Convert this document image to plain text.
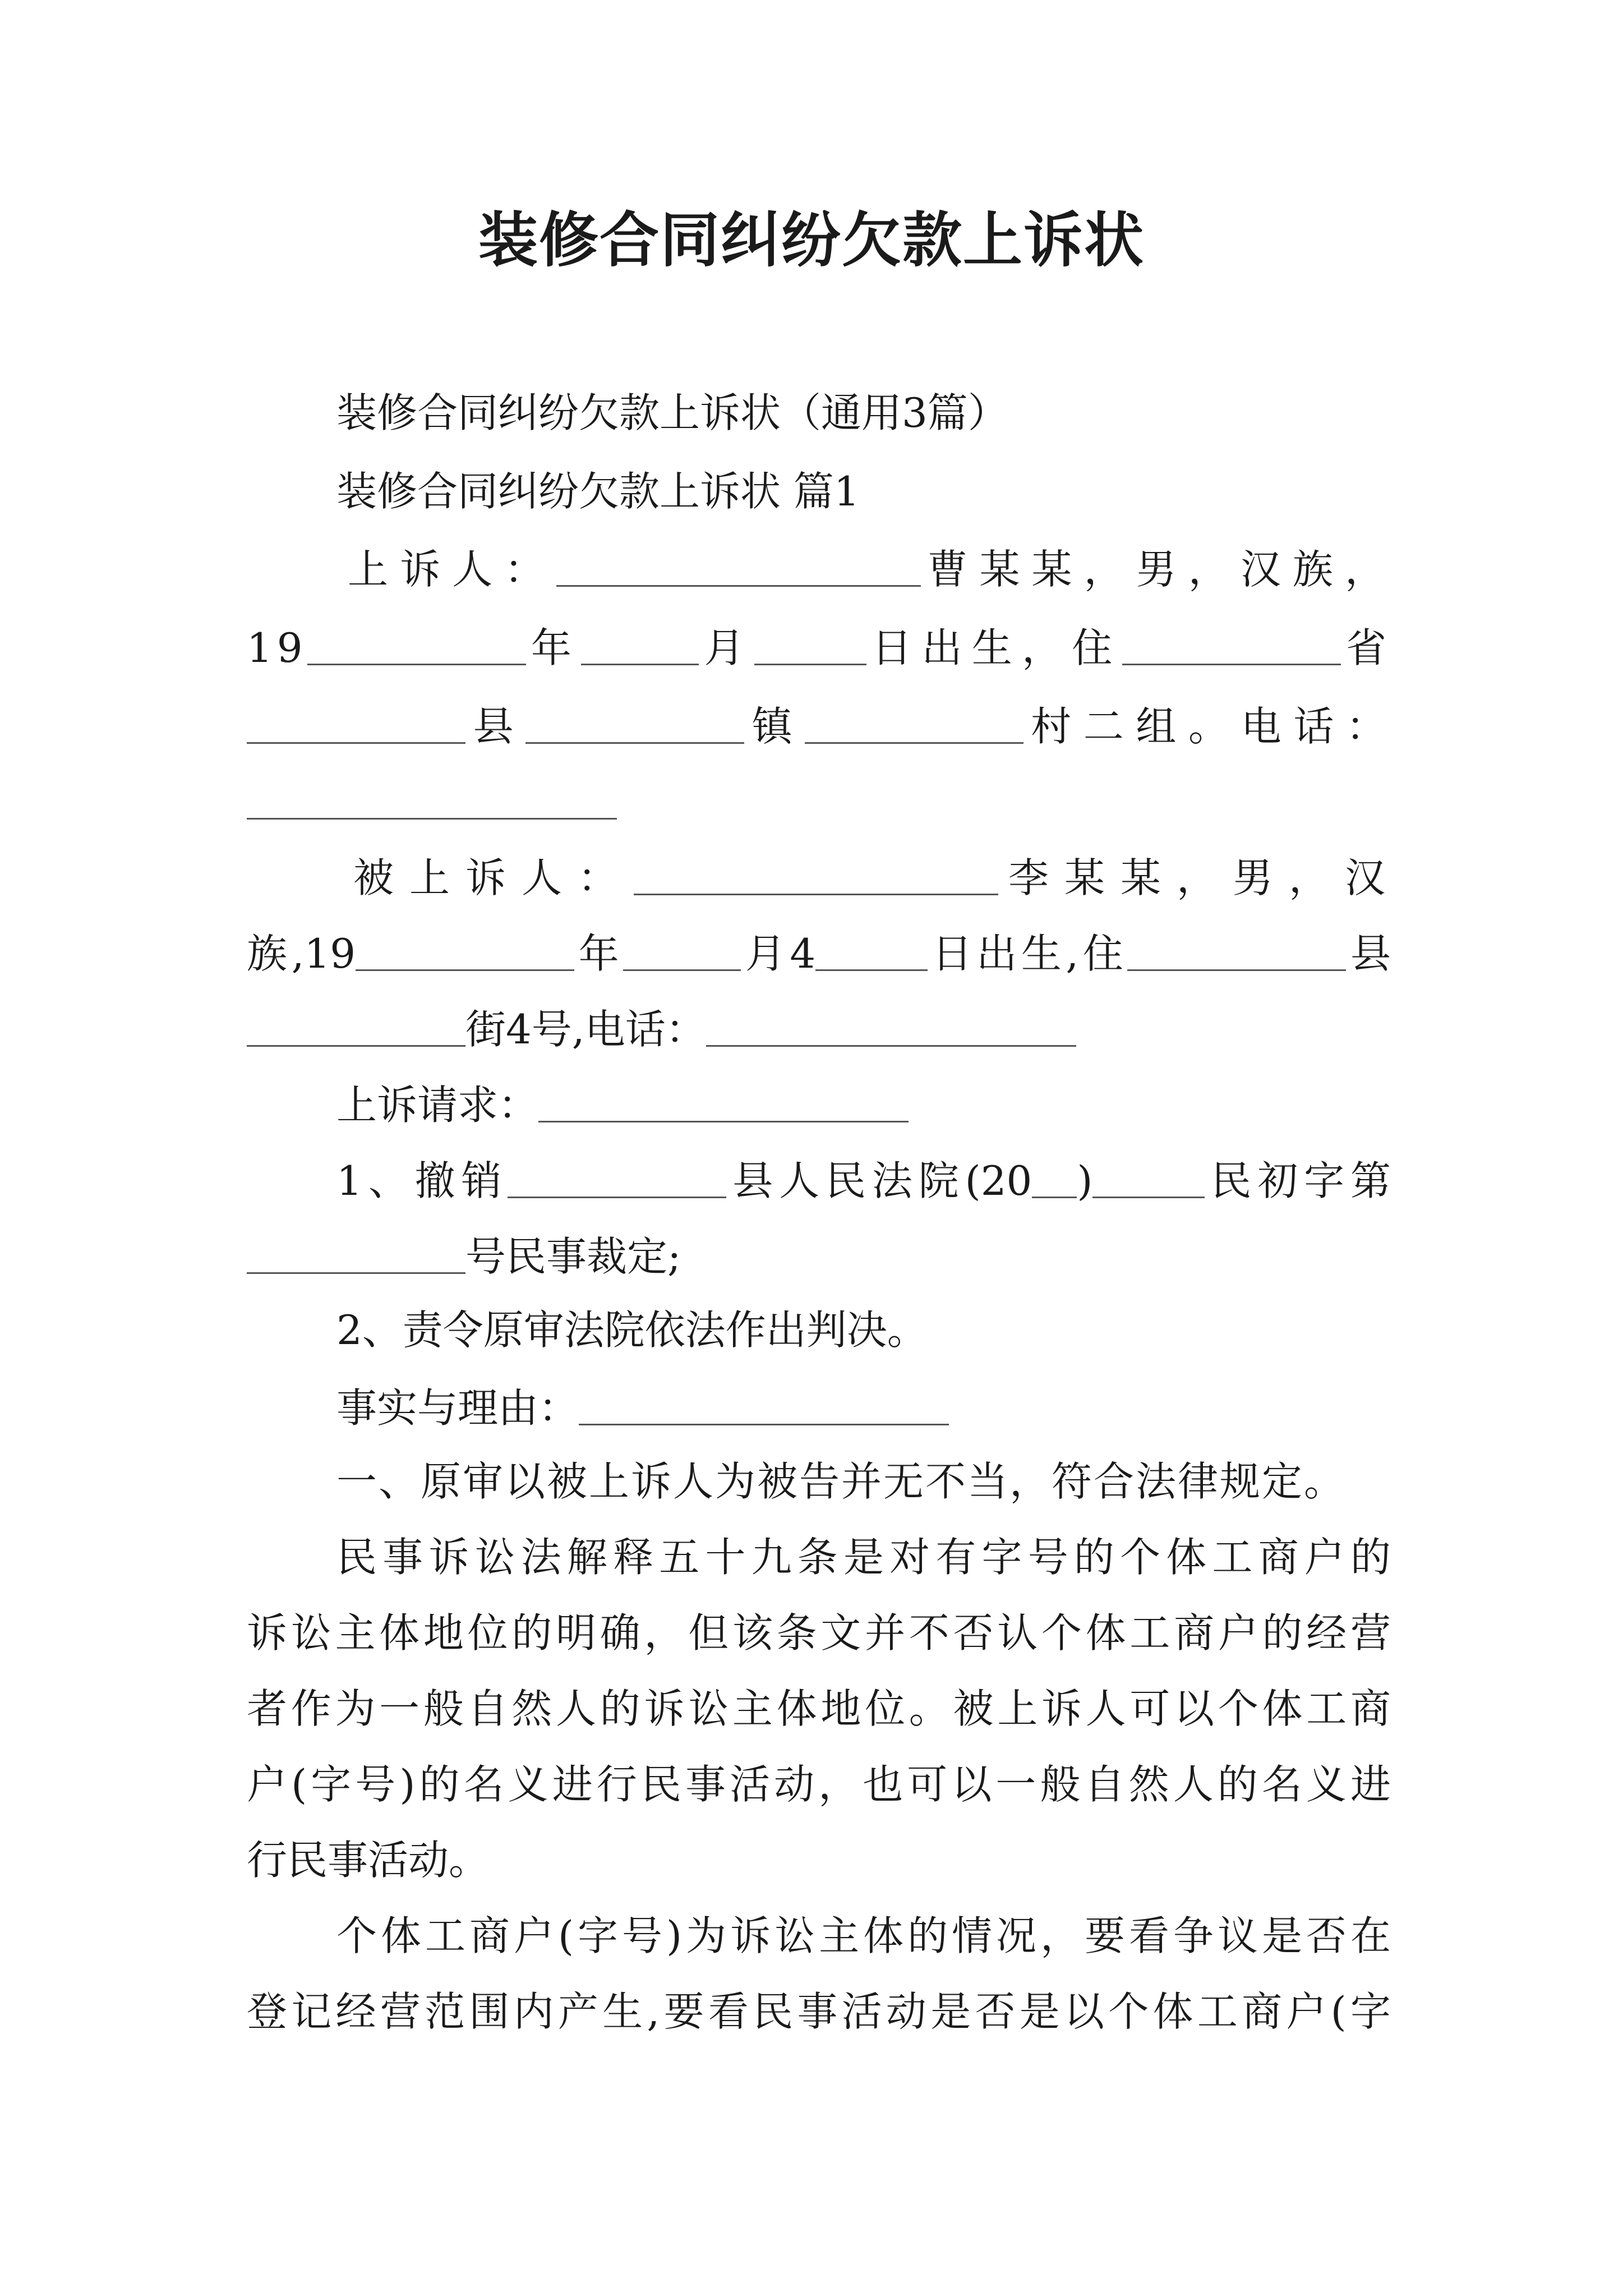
装修合同纠纷欠款上诉状
装修合同纠纷欠款上诉状（通用3篇）
装修合同纠纷欠款上诉状 篇1
上诉人：	曹某某，男，汉族，
19	年	月	日出生，住	省
县	镇	村二组。电话：
被上诉人：	李某某，男，汉
族,19	年	月4	日出生,住	县
街4号,电话：
上诉请求：
1、撤销	县人民法院(20 )	民初字第
号民事裁定;
2、责令原审法院依法作出判决。
事实与理由：
一、原审以被上诉人为被告并无不当，符合法律规定。
民事诉讼法解释五十九条是对有字号的个体工商户的
诉讼主体地位的明确，但该条文并不否认个体工商户的经营
者作为一般自然人的诉讼主体地位。被上诉人可以个体工商
户(字号)的名义进行民事活动，也可以一般自然人的名义进
行民事活动。
个体工商户(字号)为诉讼主体的情况，要看争议是否在
登记经营范围内产生,要看民事活动是否是以个体工商户(字
